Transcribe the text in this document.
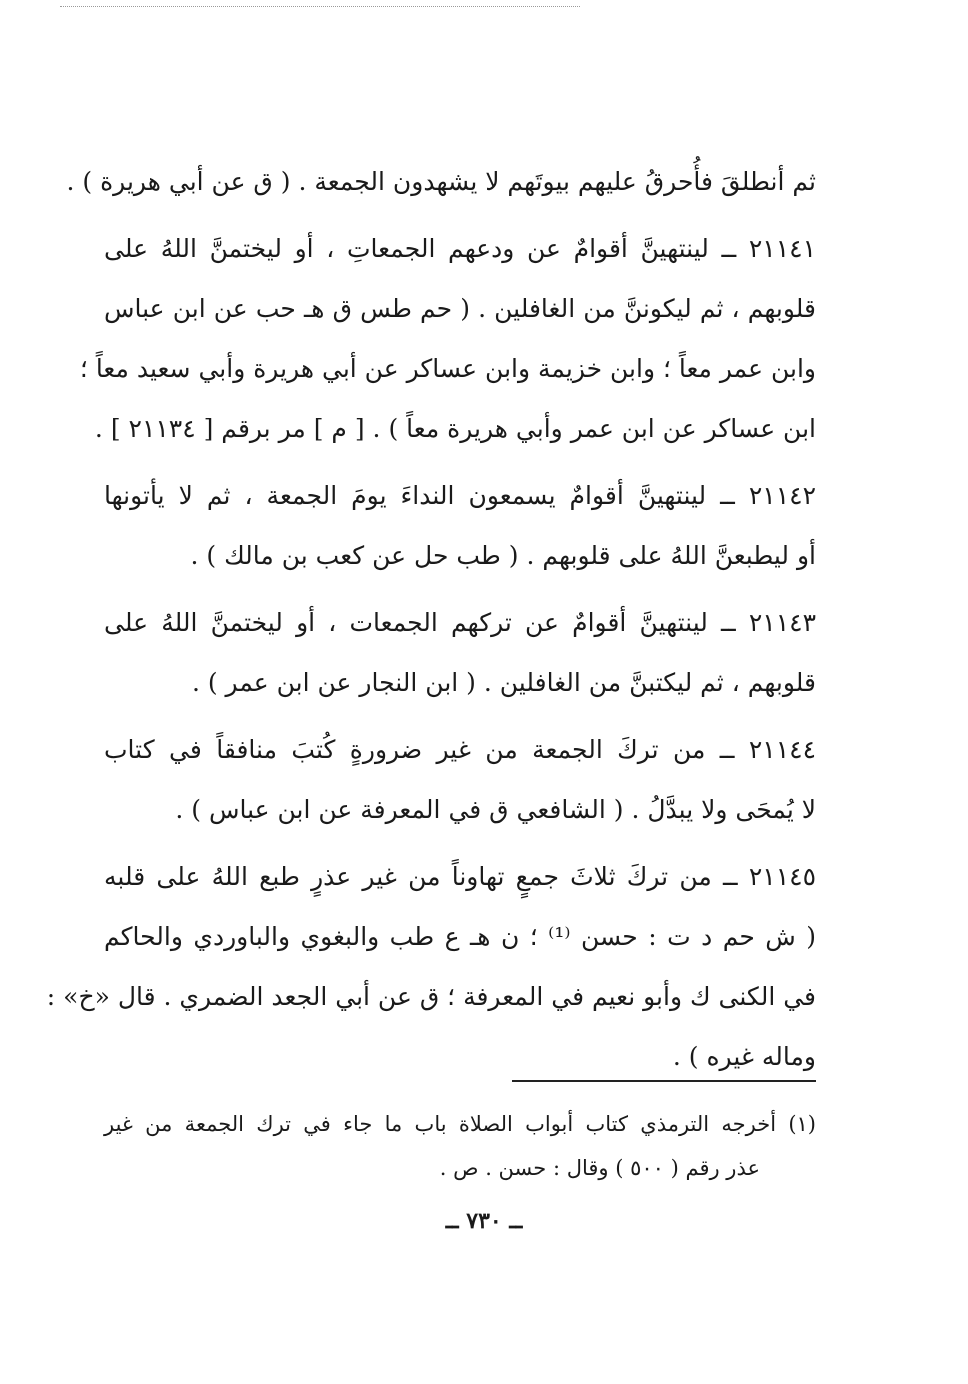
ثم أنطلقَ فأُحرقُ عليهم بيوتَهم لا يشهدون الجمعة . ( ق عن أبي هريرة ) .
٢١١٤١ ــ لينتهينَّ أقوامٌ عن ودعهم الجمعاتِ ، أو ليختمنَّ اللهُ على
قلوبهم ، ثم ليكوننَّ من الغافلين . ( حم طس ق هـ حب عن ابن عباس
وابن عمر معاً ؛ وابن خزيمة وابن عساكر عن أبي هريرة وأبي سعيد معاً ؛
ابن عساكر عن ابن عمر وأبي هريرة معاً ) . [ م ] مر برقم [ ٢١١٣٤ ] .
٢١١٤٢ ــ لينتهينَّ أقوامٌ يسمعون النداءَ يومَ الجمعة ، ثم لا يأتونها
أو ليطبعنَّ اللهُ على قلوبهم . ( طب حل عن كعب بن مالك ) .
٢١١٤٣ ــ لينتهينَّ أقوامٌ عن تركهم الجمعات ، أو ليختمنَّ اللهُ على
قلوبهم ، ثم ليكتبنَّ من الغافلين . ( ابن النجار عن ابن عمر ) .
٢١١٤٤ ــ من تركَ الجمعة من غير ضرورةٍ كُتبَ منافقاً في كتاب
لا يُمحَى ولا يبدَّلُ . ( الشافعي ق في المعرفة عن ابن عباس ) .
٢١١٤٥ ــ من تركَ ثلاثَ جمعٍ تهاوناً من غير عذرٍ طبع اللهُ على قلبه
( ش حم د ت : حسن ⁽¹⁾ ؛ ن هـ ع طب والبغوي والباوردي والحاكم
في الكنى ك وأبو نعيم في المعرفة ؛ ق عن أبي الجعد الضمري . قال «خ» :
وماله غيره ) .
(١) أخرجه الترمذي كتاب أبواب الصلاة باب ما جاء في ترك الجمعة من غير
عذر رقم ( ٥٠٠ ) وقال : حسن . ص .
ــ ٧٣٠ ــ
